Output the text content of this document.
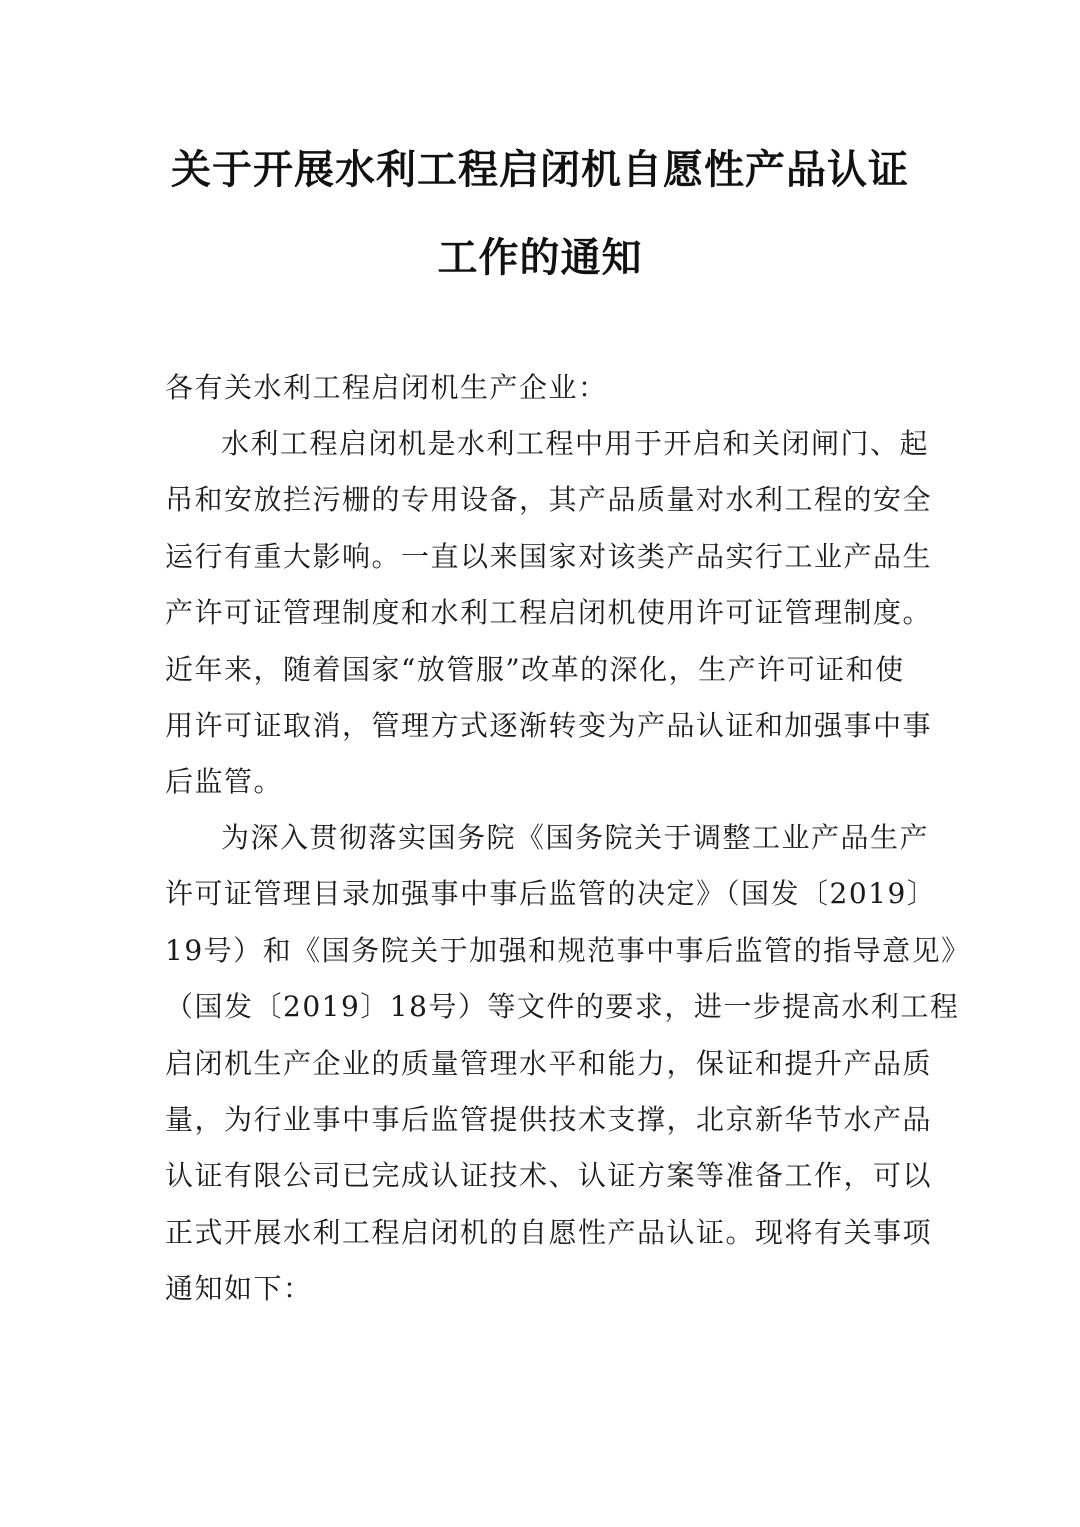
关于开展水利工程启闭机自愿性产品认证
工作的通知
各有关水利工程启闭机生产企业：
水利工程启闭机是水利工程中用于开启和关闭闸门、起
吊和安放拦污栅的专用设备，其产品质量对水利工程的安全
运行有重大影响。一直以来国家对该类产品实行工业产品生
产许可证管理制度和水利工程启闭机使用许可证管理制度。
近年来，随着国家“放管服”改革的深化，生产许可证和使
用许可证取消，管理方式逐渐转变为产品认证和加强事中事
后监管。
为深入贯彻落实国务院《国务院关于调整工业产品生产
许可证管理目录加强事中事后监管的决定》（国发〔2019〕
19号）和《国务院关于加强和规范事中事后监管的指导意见》
（国发〔2019〕18号）等文件的要求，进一步提高水利工程
启闭机生产企业的质量管理水平和能力，保证和提升产品质
量，为行业事中事后监管提供技术支撑，北京新华节水产品
认证有限公司已完成认证技术、认证方案等准备工作，可以
正式开展水利工程启闭机的自愿性产品认证。现将有关事项
通知如下：
